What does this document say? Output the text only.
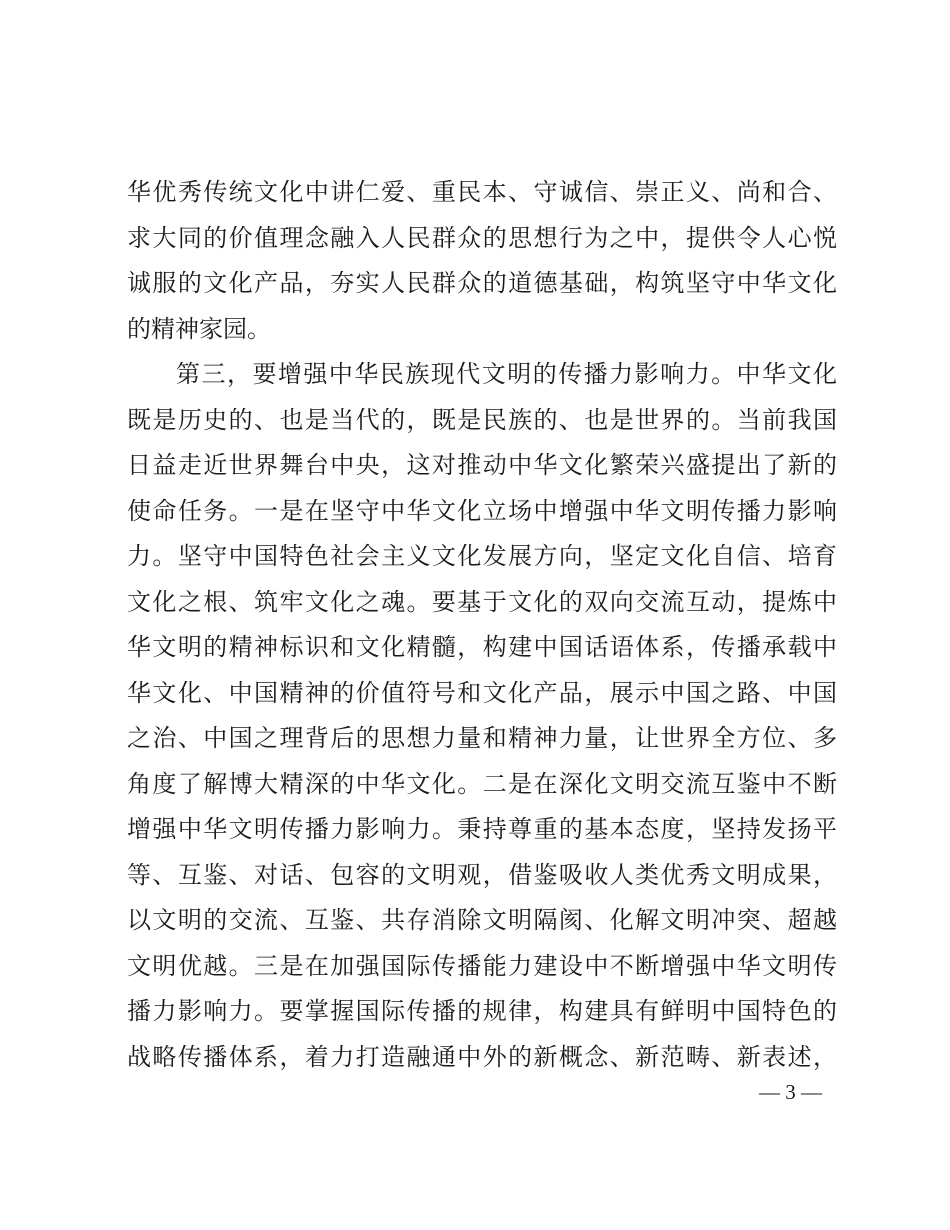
华优秀传统文化中讲仁爱、重民本、守诚信、崇正义、尚和合、
求大同的价值理念融入人民群众的思想行为之中，提供令人心悦
诚服的文化产品，夯实人民群众的道德基础，构筑坚守中华文化
的精神家园。
第三，要增强中华民族现代文明的传播力影响力。中华文化
既是历史的、也是当代的，既是民族的、也是世界的。当前我国
日益走近世界舞台中央，这对推动中华文化繁荣兴盛提出了新的
使命任务。一是在坚守中华文化立场中增强中华文明传播力影响
力。坚守中国特色社会主义文化发展方向，坚定文化自信、培育
文化之根、筑牢文化之魂。要基于文化的双向交流互动，提炼中
华文明的精神标识和文化精髓，构建中国话语体系，传播承载中
华文化、中国精神的价值符号和文化产品，展示中国之路、中国
之治、中国之理背后的思想力量和精神力量，让世界全方位、多
角度了解博大精深的中华文化。二是在深化文明交流互鉴中不断
增强中华文明传播力影响力。秉持尊重的基本态度，坚持发扬平
等、互鉴、对话、包容的文明观，借鉴吸收人类优秀文明成果，
以文明的交流、互鉴、共存消除文明隔阂、化解文明冲突、超越
文明优越。三是在加强国际传播能力建设中不断增强中华文明传
播力影响力。要掌握国际传播的规律，构建具有鲜明中国特色的
战略传播体系，着力打造融通中外的新概念、新范畴、新表述，
— 3 —
